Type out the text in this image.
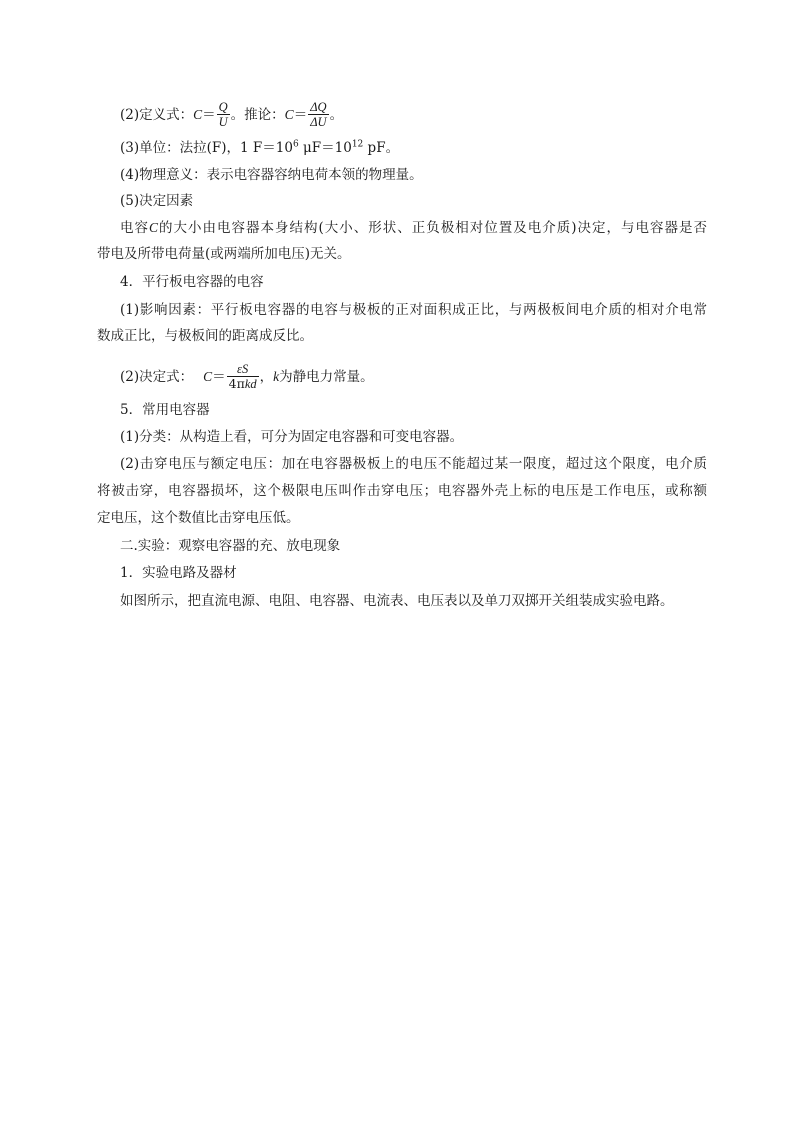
(2)定义式：$C= \frac{Q}{U}$ 。推论：$C= \frac{\Delta Q}{\Delta U}$ 。
(3)单位：法拉(F)，1 $F=10^6$ $\mu F=10^{12}$ pF。
(4)物理意义：表示电容器容纳电荷本领的物理量。
(5)决定因素
电容C的大小由电容器本身结构(大小、形状、正负极相对位置及电介质)决定，与电容器是否
带电及所带电荷量(或两端所加电压)无关。
4．平行板电容器的电容
(1)影响因素：平行板电容器的电容与极板的正对面积成正比，与两极板间电介质的相对介电常
数成正比，与极板间的距离成反比。
(2)决定式： $C= \frac{\varepsilon S}{\text{4πkd}}$ ，k为静电力常量。
5．常用电容器
(1)分类：从构造上看，可分为固定电容器和可变电容器。
(2)击穿电压与额定电压：加在电容器极板上的电压不能超过某一限度，超过这个限度，电介质
将被击穿，电容器损坏，这个极限电压叫作击穿电压；电容器外壳上标的电压是工作电压，或称额
定电压，这个数值比击穿电压低。
二.实验：观察电容器的充、放电现象
1．实验电路及器材
如图所示，把直流电源、电阻、电容器、电流表、电压表以及单刀双掷开关组装成实验电路。
